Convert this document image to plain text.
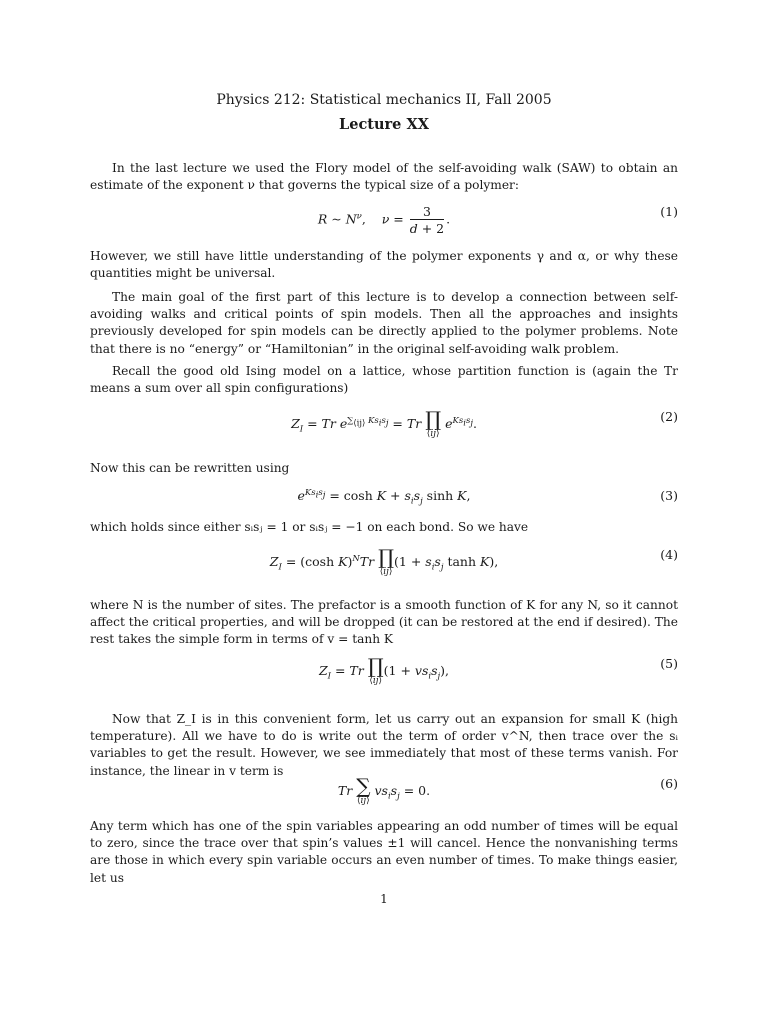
Physics 212: Statistical mechanics II, Fall 2005
Lecture XX

In the last lecture we used the Flory model of the self-avoiding walk (SAW) to obtain an estimate of the exponent ν that governs the typical size of a polymer:

R ∼ $N^\nu$,    $\nu = \frac{3}{d + 2}$ .	(1)

However, we still have little understanding of the polymer exponents γ and α, or why these quantities might be universal.

The main goal of the first part of this lecture is to develop a connection between self-avoiding walks and critical points of spin models. Then all the approaches and insights previously developed for spin models can be directly applied to the polymer problems. Note that there is no “energy” or “Hamiltonian” in the original self-avoiding walk problem.

Recall the good old Ising model on a lattice, whose partition function is (again the Tr means a sum over all spin configurations)

$Z_I = Tr$ $e^{\sum_{⟨ij⟩} Ks_is_j} = Tr$ ∏
⟨ij⟩
$e^{Ks_is_j}$.	(2)

Now this can be rewritten using

$e^{Ks_is_j} = \cosh K + s_is_j$ sinh K,	(3)

which holds since either sᵢsⱼ = 1 or sᵢsⱼ = −1 on each bond. So we have

$Z_I = (\cosh$ K)$^N$Tr ∏
⟨ij⟩
($1 + s_is_j$ tanh K),	(4)

where N is the number of sites. The prefactor is a smooth function of K for any N, so it cannot affect the critical properties, and will be dropped (it can be restored at the end if desired). The rest takes the simple form in terms of v = tanh K

$Z_I = Tr$ ∏
⟨ij⟩
$(1 + vs_is_j)$,	(5)

Now that Z_I is in this convenient form, let us carry out an expansion for small K (high temperature). All we have to do is write out the term of order v^N, then trace over the sᵢ variables to get the result. However, we see immediately that most of these terms vanish. For instance, the linear in v term is

Tr ∑
⟨ij⟩
$vs_is_j = 0$.	(6)

Any term which has one of the spin variables appearing an odd number of times will be equal to zero, since the trace over that spin’s values ±1 will cancel. Hence the nonvanishing terms are those in which every spin variable occurs an even number of times. To make things easier, let us

1
